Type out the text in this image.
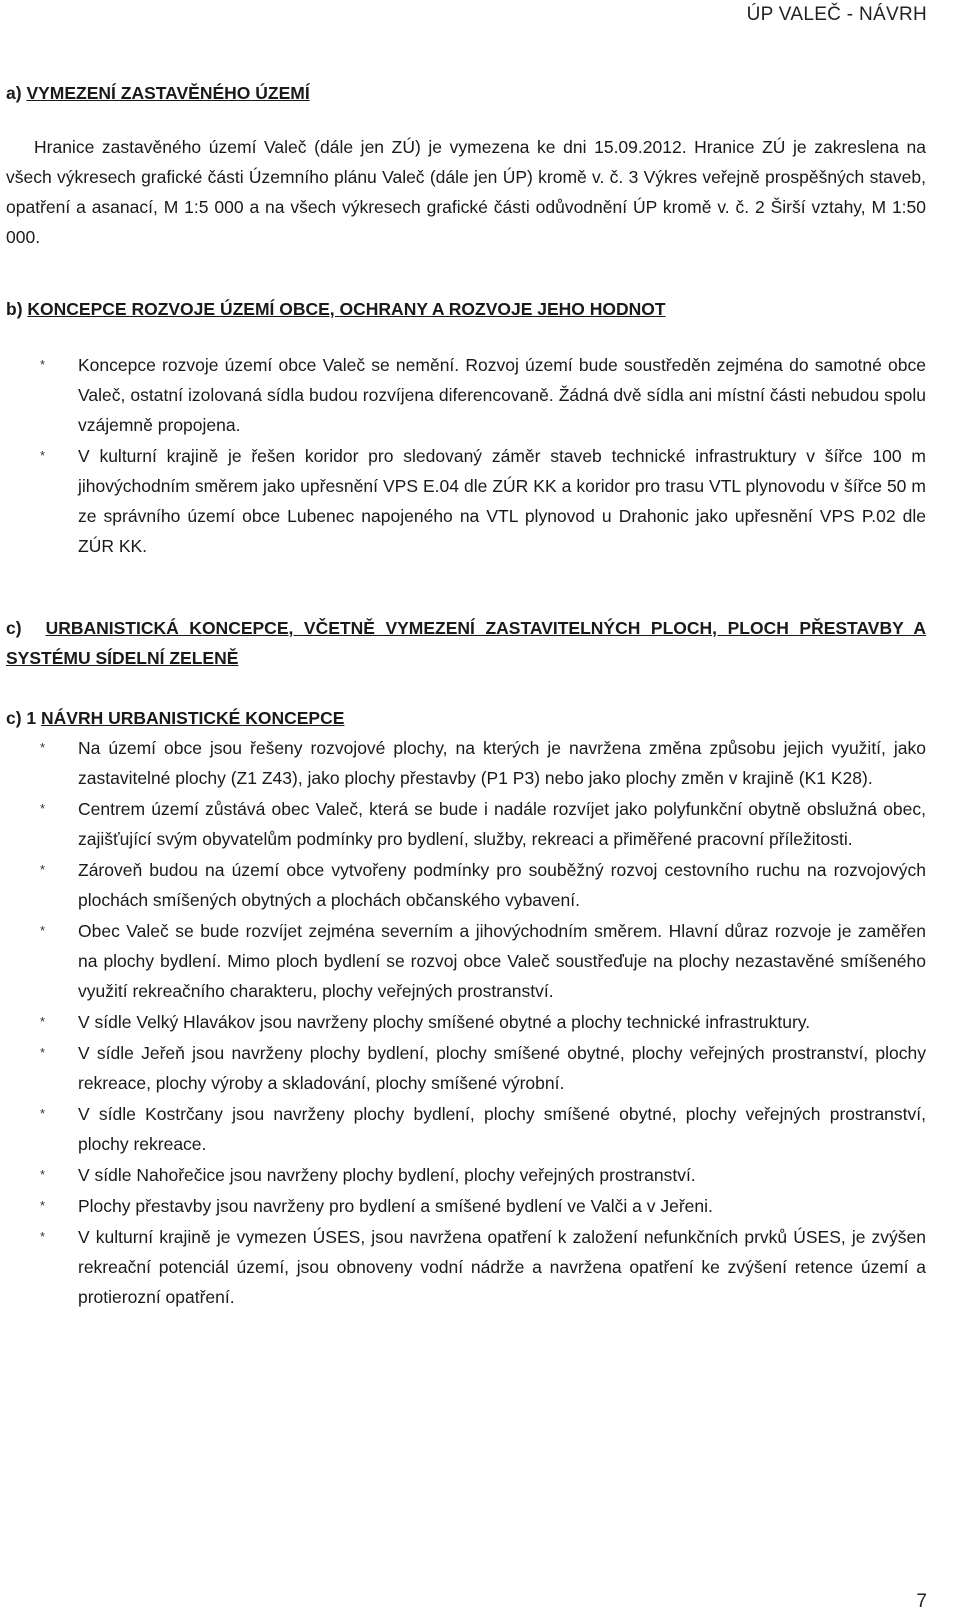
ÚP VALEČ - NÁVRH

a) VYMEZENÍ ZASTAVĚNÉHO ÚZEMÍ

Hranice zastavěného území Valeč (dále jen ZÚ) je vymezena ke dni 15.09.2012. Hranice ZÚ je zakreslena na všech výkresech grafické části Územního plánu Valeč (dále jen ÚP) kromě v. č. 3 Výkres veřejně prospěšných staveb, opatření a asanací, M 1:5 000 a na všech výkresech grafické části odůvodnění ÚP kromě v. č. 2 Širší vztahy, M 1:50 000.

b) KONCEPCE ROZVOJE ÚZEMÍ OBCE, OCHRANY A ROZVOJE JEHO HODNOT

* Koncepce rozvoje území obce Valeč se nemění. Rozvoj území bude soustředěn zejména do samotné obce Valeč, ostatní izolovaná sídla budou rozvíjena diferencovaně. Žádná dvě sídla ani místní části nebudou spolu vzájemně propojena.
* V kulturní krajině je řešen koridor pro sledovaný záměr staveb technické infrastruktury v šířce 100 m jihovýchodním směrem jako upřesnění VPS E.04 dle ZÚR KK a koridor pro trasu VTL plynovodu v šířce 50 m ze správního území obce Lubenec napojeného na VTL plynovod u Drahonic jako upřesnění VPS P.02 dle ZÚR KK.

c) URBANISTICKÁ KONCEPCE, VČETNĚ VYMEZENÍ ZASTAVITELNÝCH PLOCH, PLOCH PŘESTAVBY A SYSTÉMU SÍDELNÍ ZELENĚ

c) 1 NÁVRH URBANISTICKÉ KONCEPCE

* Na území obce jsou řešeny rozvojové plochy, na kterých je navržena změna způsobu jejich využití, jako zastavitelné plochy (Z1 Z43), jako plochy přestavby (P1 P3) nebo jako plochy změn v krajině (K1 K28).
* Centrem území zůstává obec Valeč, která se bude i nadále rozvíjet jako polyfunkční obytně obslužná obec, zajišťující svým obyvatelům podmínky pro bydlení, služby, rekreaci a přiměřené pracovní příležitosti.
* Zároveň budou na území obce vytvořeny podmínky pro souběžný rozvoj cestovního ruchu na rozvojových plochách smíšených obytných a plochách občanského vybavení.
* Obec Valeč se bude rozvíjet zejména severním a jihovýchodním směrem. Hlavní důraz rozvoje je zaměřen na plochy bydlení. Mimo ploch bydlení se rozvoj obce Valeč soustřeďuje na plochy nezastavěné smíšeného využití rekreačního charakteru, plochy veřejných prostranství.
* V sídle Velký Hlavákov jsou navrženy plochy smíšené obytné a plochy technické infrastruktury.
* V sídle Jeřeň jsou navrženy plochy bydlení, plochy smíšené obytné, plochy veřejných prostranství, plochy rekreace, plochy výroby a skladování, plochy smíšené výrobní.
* V sídle Kostrčany jsou navrženy plochy bydlení, plochy smíšené obytné, plochy veřejných prostranství, plochy rekreace.
* V sídle Nahořečice jsou navrženy plochy bydlení, plochy veřejných prostranství.
* Plochy přestavby jsou navrženy pro bydlení a smíšené bydlení ve Valči a v Jeřeni.
* V kulturní krajině je vymezen ÚSES, jsou navržena opatření k založení nefunkčních prvků ÚSES, je zvýšen rekreační potenciál území, jsou obnoveny vodní nádrže a navržena opatření ke zvýšení retence území a protierozní opatření.
7
